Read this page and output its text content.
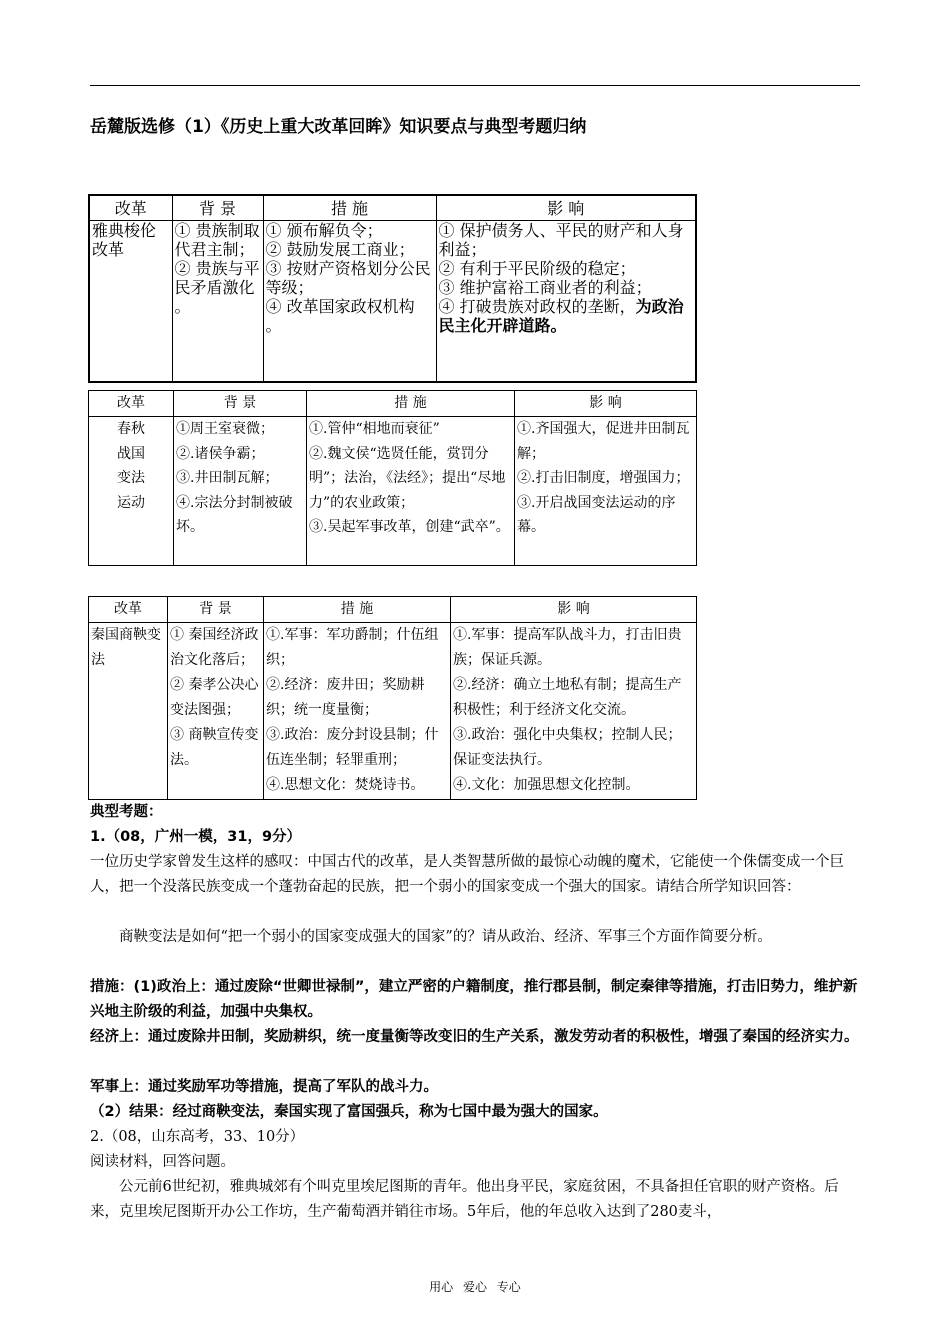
岳麓版选修（1）《历史上重大改革回眸》知识要点与典型考题归纳
改革	背 景	措 施	影 响
雅典梭伦改革	① 贵族制取代君主制；
② 贵族与平民矛盾激化 。	① 颁布解负令；
② 鼓励发展工商业；
③ 按财产资格划分公民等级；
④ 改革国家政权机构 。	① 保护债务人、平民的财产和人身利益；
② 有利于平民阶级的稳定；
③ 维护富裕工商业者的利益；
④ 打破贵族对政权的垄断，为政治民主化开辟道路。
改革	背 景	措 施	影 响

春秋
战国
变法
运动	①周王室衰微；
②.诸侯争霸；
③.井田制瓦解；
④.宗法分封制被破坏。	①.管仲“相地而衰征”
②.魏文侯“选贤任能，赏罚分明”；法治，《法经》；提出“尽地力”的农业政策；
③.吴起军事改革，创建“武卒”。	①.齐国强大，促进井田制瓦解；
②.打击旧制度，增强国力；
③.开启战国变法运动的序幕。
改革	背 景	措 施	影 响
秦国商鞅变法	① 秦国经济政治文化落后；
② 秦孝公决心变法图强；
③ 商鞅宣传变法。	①.军事：军功爵制；什伍组织；
②.经济：废井田；奖励耕织；统一度量衡；
③.政治：废分封设县制；什伍连坐制；轻罪重刑；
④.思想文化：焚烧诗书。	①.军事：提高军队战斗力，打击旧贵族；保证兵源。
②.经济：确立土地私有制；提高生产积极性；利于经济文化交流。
③.政治：强化中央集权；控制人民；保证变法执行。
④.文化：加强思想文化控制。
典型考题：
1.（08，广州一模，31，9分）
一位历史学家曾发生这样的感叹：中国古代的改革，是人类智慧所做的最惊心动魄的魔术，它能使一个侏儒变成一个巨人，把一个没落民族变成一个蓬勃奋起的民族，把一个弱小的国家变成一个强大的国家。请结合所学知识回答：
商鞅变法是如何“把一个弱小的国家变成强大的国家”的？请从政治、经济、军事三个方面作简要分析。
措施：(1)政治上：通过废除“世卿世禄制”，建立严密的户籍制度，推行郡县制，制定秦律等措施，打击旧势力，维护新兴地主阶级的利益，加强中央集权。
经济上：通过废除井田制，奖励耕织，统一度量衡等改变旧的生产关系，激发劳动者的积极性，增强了秦国的经济实力。
军事上：通过奖励军功等措施，提高了军队的战斗力。
（2）结果：经过商鞅变法，秦国实现了富国强兵，称为七国中最为强大的国家。
2.（08，山东高考，33、10分）
阅读材料，回答问题。
公元前6世纪初，雅典城郊有个叫克里埃尼图斯的青年。他出身平民，家庭贫困，不具备担任官职的财产资格。后来，克里埃尼图斯开办公工作坊，生产葡萄酒并销往市场。5年后，他的年总收入达到了280麦斗，
用心 爱心 专心
